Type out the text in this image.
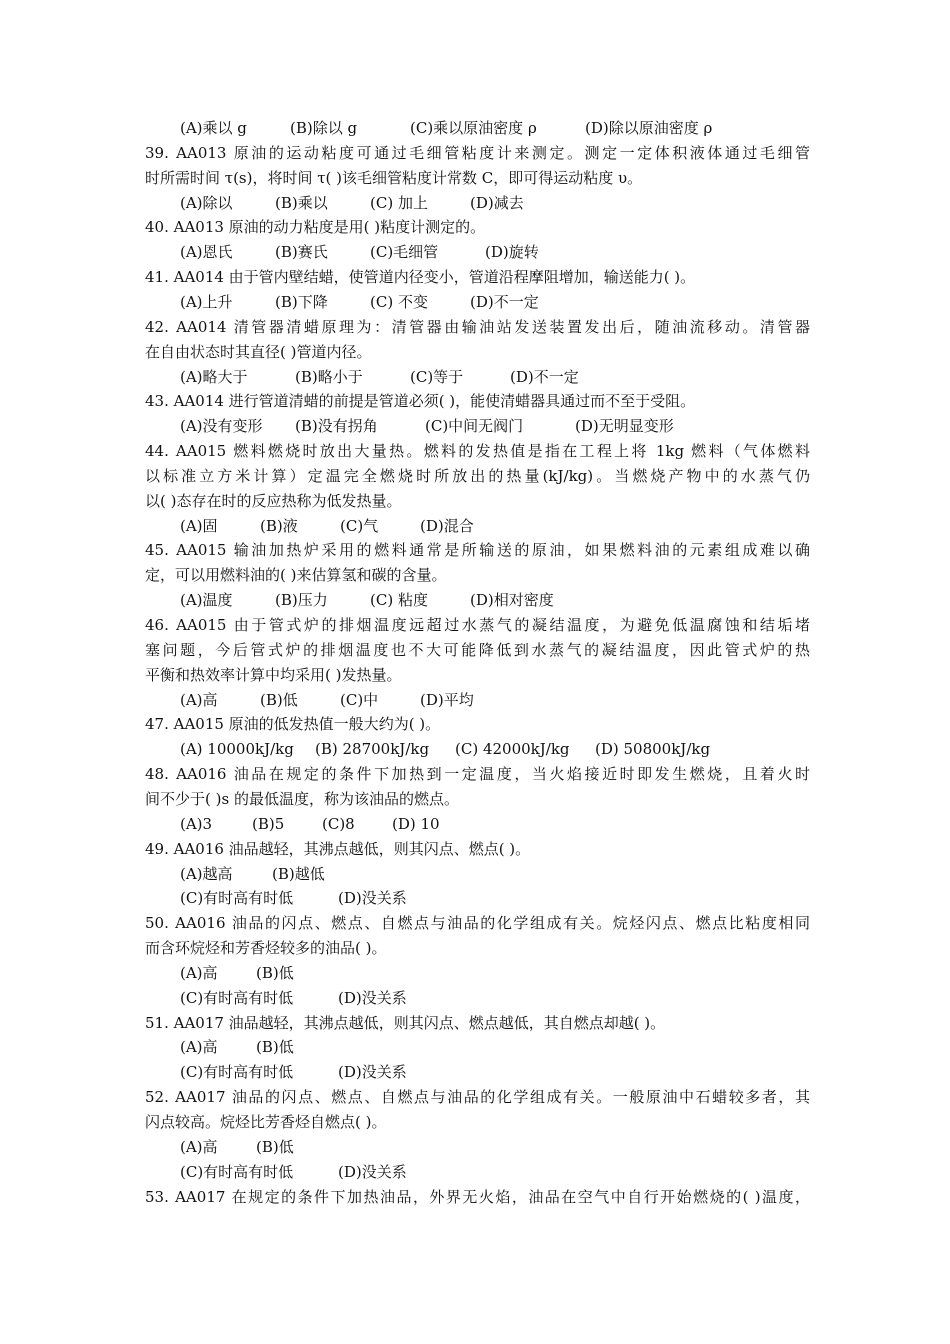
(A)乘以 g	(B)除以 g	(C)乘以原油密度 ρ	(D)除以原油密度 ρ
39. AA013 原油的运动粘度可通过毛细管粘度计来测定。测定一定体积液体通过毛细管
时所需时间 τ(s)，将时间 τ( )该毛细管粘度计常数 C，即可得运动粘度 υ。
(A)除以	(B)乘以	(C) 加上	(D)减去
40. AA013 原油的动力粘度是用( )粘度计测定的。
(A)恩氏	(B)赛氏	(C)毛细管	(D)旋转
41. AA014 由于管内壁结蜡，使管道内径变小，管道沿程摩阻增加，输送能力( )。
(A)上升	(B)下降	(C) 不变	(D)不一定
42. AA014 清管器清蜡原理为：清管器由输油站发送装置发出后，随油流移动。清管器
在自由状态时其直径( )管道内径。
(A)略大于	(B)略小于	(C)等于	(D)不一定
43. AA014 进行管道清蜡的前提是管道必须( )，能使清蜡器具通过而不至于受阻。
(A)没有变形 (B)没有拐角	(C)中间无阀门	(D)无明显变形
44. AA015 燃料燃烧时放出大量热。燃料的发热值是指在工程上将 1kg 燃料（气体燃料
以标准立方米计算）定温完全燃烧时所放出的热量(kJ/kg)。当燃烧产物中的水蒸气仍
以( )态存在时的反应热称为低发热量。
(A)固	(B)液	(C)气	(D)混合
45. AA015 输油加热炉采用的燃料通常是所输送的原油，如果燃料油的元素组成难以确
定，可以用燃料油的( )来估算氢和碳的含量。
(A)温度	(B)压力	(C) 粘度	(D)相对密度
46. AA015 由于管式炉的排烟温度远超过水蒸气的凝结温度，为避免低温腐蚀和结垢堵
塞问题，今后管式炉的排烟温度也不大可能降低到水蒸气的凝结温度，因此管式炉的热
平衡和热效率计算中均采用( )发热量。
(A)高	(B)低	(C)中	(D)平均
47. AA015 原油的低发热值一般大约为( )。
(A) 10000kJ/kg (B) 28700kJ/kg (C) 42000kJ/kg (D) 50800kJ/kg
48. AA016 油品在规定的条件下加热到一定温度，当火焰接近时即发生燃烧，且着火时
间不少于( )s 的最低温度，称为该油品的燃点。
(A)3	(B)5	(C)8 (D) 10
49. AA016 油品越轻，其沸点越低，则其闪点、燃点( )。
(A)越高	(B)越低
(C)有时高有时低	(D)没关系
50. AA016 油品的闪点、燃点、自燃点与油品的化学组成有关。烷烃闪点、燃点比粘度相同
而含环烷烃和芳香烃较多的油品( )。
(A)高	(B)低
(C)有时高有时低	(D)没关系
51. AA017 油品越轻，其沸点越低，则其闪点、燃点越低，其自燃点却越( )。
(A)高	(B)低
(C)有时高有时低	(D)没关系
52. AA017 油品的闪点、燃点、自燃点与油品的化学组成有关。一般原油中石蜡较多者，其
闪点较高。烷烃比芳香烃自燃点( )。
(A)高	(B)低
(C)有时高有时低	(D)没关系
53. AA017 在规定的条件下加热油品，外界无火焰，油品在空气中自行开始燃烧的( )温度，
